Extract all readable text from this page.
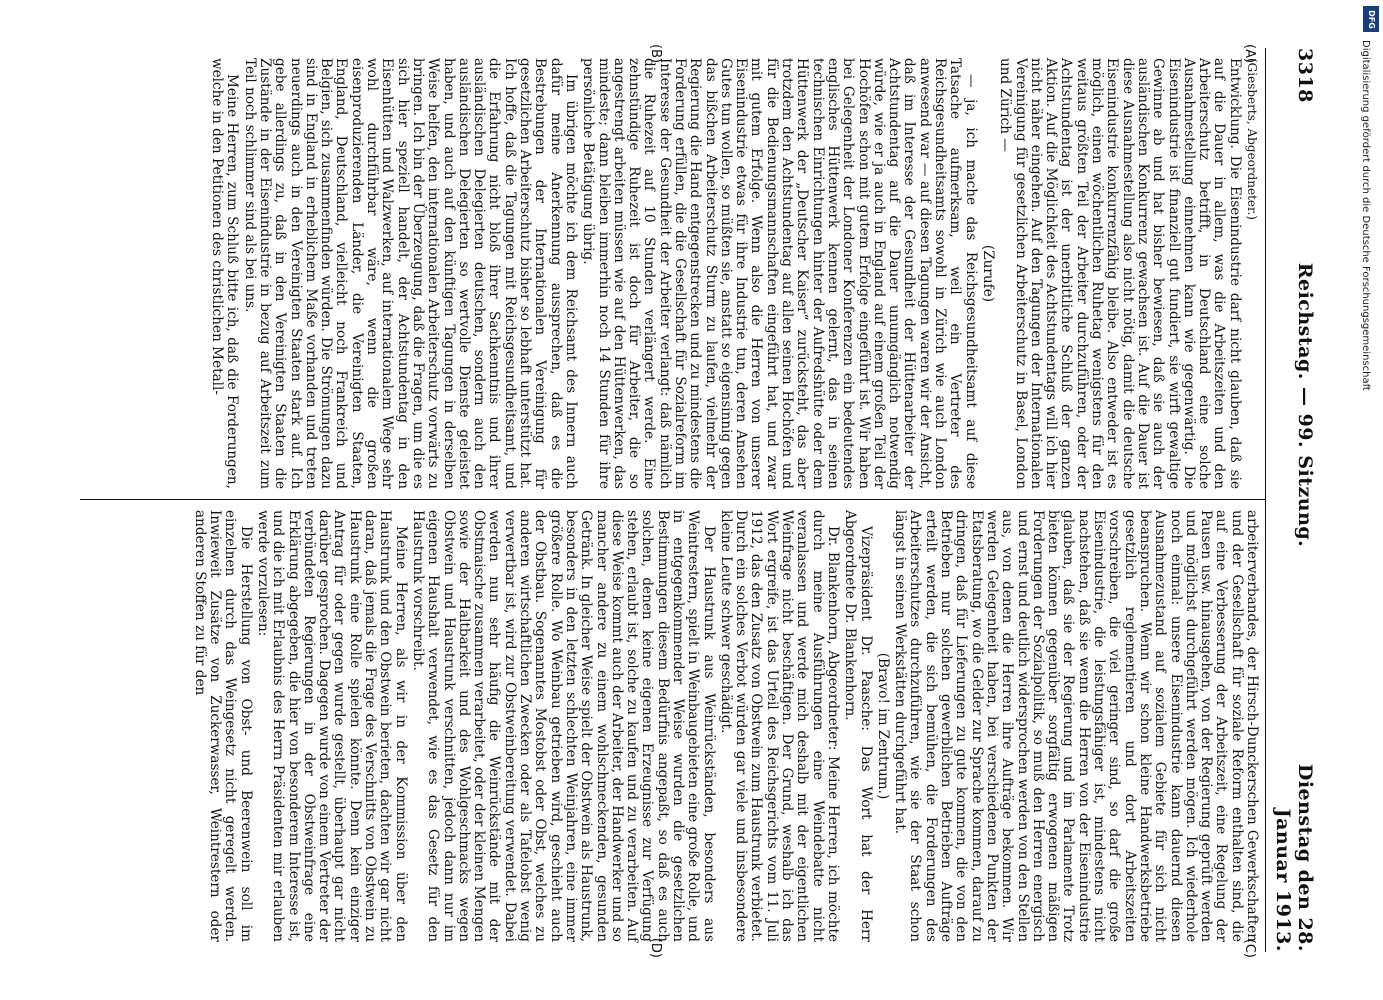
3318
Reichstag. — 99. Sitzung.
Dienstag den 28. Januar 1913.
(A)
(B)
(C)
(D)
(Giesberts, Abgeordneter.)

Entwicklung. Die Eisenindustrie darf nicht glauben, daß sie auf die Dauer in allem, was die Arbeitszeiten und den Arbeiterschutz betrifft, in Deutschland eine solche Ausnahmestellung einnehmen kann wie gegenwärtig. Die Eisenindustrie ist finanziell gut fundiert, sie wirft gewaltige Gewinne ab und hat bisher bewiesen, daß sie auch der ausländischen Konkurrenz gewachsen ist. Auf die Dauer ist diese Ausnahmestellung also nicht nötig, damit die deutsche Eisenindustrie konkurrenzfähig bleibe. Also entweder ist es möglich, einen wöchentlichen Ruhetag wenigstens für den weitaus größten Teil der Arbeiter durchzuführen, oder der Achtstundentag ist der unerbittliche Schluß der ganzen Aktion. Auf die Möglichkeit des Achtstundentags will ich hier nicht näher eingehen. Auf den Tagungen der Internationalen Vereinigung für gesetzlichen Arbeiterschutz in Basel, London und Zürich —

(Zurufe)

— ja, ich mache das Reichsgesundheitsamt auf diese Tatsache aufmerksam, weil ein Vertreter des Reichsgesundheitsamts sowohl in Zürich wie auch London anwesend war — auf diesen Tagungen waren wir der Ansicht, daß im Interesse der Gesundheit der Hüttenarbeiter der Achtstundentag auf die Dauer unumgänglich notwendig würde, wie er ja auch in England auf einem großen Teil der Hochöfen schon mit gutem Erfolge eingeführt ist. Wir haben bei Gelegenheit der Londoner Konferenzen ein bedeutendes englisches Hüttenwerk kennen gelernt, das in seinen technischen Einrichtungen hinter der Aufredshütte oder dem Hüttenwerk der „Deutscher Kaiser“ zurücksteht, das aber trotzdem den Achtstundentag auf allen seinen Hochöfen und für die Bedienungsmannschaften eingeführt hat, und zwar mit gutem Erfolge. Wenn also die Herren von unserer Eisenindustrie etwas für ihre Industrie tun, deren Ansehen Gutes tun wollen, so müßten sie, anstatt so eigensinnig gegen das bißchen Arbeiterschutz Sturm zu laufen, vielmehr der Regierung die Hand entgegenstrecken und zu mindestens die Forderung erfüllen, die die Gesellschaft für Sozialreform im Interesse der Gesundheit der Arbeiter verlangt: daß nämlich die Ruhezeit auf 10 Stunden verlängert werde. Eine zehnstündige Ruhezeit ist doch für Arbeiter, die so angestrengt arbeiten müssen wie auf den Hüttenwerken, das mindeste; dann bleiben immerhin noch 14 Stunden für ihre persönliche Betätigung übrig.

Im übrigen möchte ich dem Reichsamt des Innern auch dafür meine Anerkennung aussprechen, daß es die Bestrebungen der Internationalen Vereinigung für gesetzlichen Arbeiterschutz bisher so lebhaft unterstützt hat. Ich hoffe, daß die Tagungen mit Reichsgesundheitsamt, und die Erfahrung nicht bloß ihrer Sachkenntnis und ihrer ausländischen Delegierten deutschen, sondern auch den ausländischen Delegierten so wertvolle Dienste geleistet haben, und auch auf den künftigen Tagungen in derselben Weise helfen, den internationalen Arbeiterschutz vorwärts zu bringen. Ich bin der Überzeugung, daß die Fragen, um die es sich hier speziell handelt, der Achtstundentag in den Eisenhütten und Walzwerken, auf internationalem Wege sehr wohl durchführbar wäre, wenn die großen eisenproduzierenden Länder, die Vereinigten Staaten, England, Deutschland, vielleicht noch Frankreich und Belgien, sich zusammenfinden würden. Die Strömungen dazu sind in England in erheblichem Maße vorhanden und treten neuerdings auch in den Vereinigten Staaten stark auf. Ich gebe allerdings zu, daß in den Vereinigten Staaten die Zustände in der Eisenindustrie in bezug auf Arbeitszeit zum Teil noch schlimmer sind als bei uns.

Meine Herren, zum Schluß bitte ich, daß die Forderungen, welche in den Petitionen des christlichen Metall-

arbeiterverbandes, der Hirsch-Dunckerschen Gewerkschaften und der Gesellschaft für soziale Reform enthalten sind, die auf eine Verbesserung der Arbeitszeit, eine Regelung der Pausen usw. hinausgehen, von der Regierung geprüft werden und möglichst durchgeführt werden mögen. Ich wiederhole noch einmal: unsere Eisenindustrie kann dauernd diesen Ausnahmezustand auf sozialem Gebiete für sich nicht beanspruchen. Wenn wir schon kleine Handwerksbetriebe gesetzlich reglementieren und dort Arbeitszeiten vorschreiben, die viel geringer sind, so darf die große Eisenindustrie, die leistungsfähiger ist, mindestens nicht nachstehen, daß sie wenn die Herren von der Eisenindustrie glauben, daß sie der Regierung und im Parlamente Trotz bieten können gegenüber sorgfältig erwogenen mäßigen Forderungen der Sozialpolitik, so muß den Herren energisch und ernst und deutlich widersprochen werden von den Stellen aus, von denen die Herren ihre Aufträge bekommen. Wir werden Gelegenheit haben, bei verschiedenen Punkten der Etatsberatung, wo die Gelder zur Sprache kommen, darauf zu dringen, daß für Lieferungen zu gute kommen, die von den Betrieben nur solchen gewerblichen Betrieben Aufträge erteilt werden, die sich bemühen, die Forderungen des Arbeiterschutzes durchzuführen, wie sie der Staat schon längst in seinen Werkstätten durchgeführt hat.

(Bravo! im Zentrum.)

Vizepräsident Dr. Paasche: Das Wort hat der Herr Abgeordnete Dr. Blankenhorn.

Dr. Blankenhorn, Abgeordneter: Meine Herren, ich möchte durch meine Ausführungen eine Weindebatte nicht veranlassen und werde mich deshalb mit der eigentlichen Weinfrage nicht beschäftigen. Der Grund, weshalb ich das Wort ergreife, ist das Urteil des Reichsgerichts vom 11. Juli 1912, das den Zusatz von Obstwein zum Haustrunk verbietet. Durch ein solches Verbot würden gar viele und insbesondere kleine Leute schwer geschädigt.

Der Haustrunk aus Weinrückständen, besonders aus Weintrestern, spielt in Weinbaugebieten eine große Rolle, und in entgegenkommender Weise wurden die gesetzlichen Bestimmungen diesem Bedürfnis angepaßt, so daß es auch solchen, denen keine eigenen Erzeugnisse zur Verfügung stehen, erlaubt ist, solche zu kaufen und zu verarbeiten. Auf diese Weise kommt auch der Arbeiter, der Handwerker und so mancher andere zu einem wohlschmeckenden, gesunden Getränk. In gleicher Weise spielt der Obstwein als Haustrunk, besonders in den letzten schlechten Weinjahren, eine immer größere Rolle. Wo Weinbau getrieben wird, geschieht auch der Obstbau. Sogenanntes Mostobst oder Obst, welches zu anderen wirtschaftlichen Zwecken oder als Tafelobst wenig verwertbar ist, wird zur Obstweinbereitung verwendet. Dabei werden nun sehr häufig die Weinrückstände mit der Obstmaische zusammen verarbeitet, oder der kleinen Mengen sowie der Haltbarkeit und des Wohlgeschmacks wegen Obstwein und Haustrunk verschnitten, jedoch dann nur im eigenen Haushalt verwendet, wie es das Gesetz für den Haustrunk vorschreibt.

Meine Herren, als wir in der Kommission über den Haustrunk und den Obstwein berieten, dachten wir gar nicht daran, daß jemals die Frage des Verschnitts von Obstwein zu Haustrunk eine Rolle spielen könnte. Denn kein einziger Antrag für oder gegen wurde gestellt, überhaupt gar nicht darüber gesprochen. Dagegen wurde von einem Vertreter der verbündeten Regierungen in der Obstweinfrage eine Erklärung abgegeben, die hier von besonderem Interesse ist, und die ich mit Erlaubnis des Herrn Präsidenten mir erlauben werde vorzulesen:

Die Herstellung von Obst- und Beerenwein soll im einzelnen durch das Weingesetz nicht geregelt werden. Inwieweit Zusätze von Zuckerwasser, Weintrestern oder anderen Stoffen zu für den

DFG
Digitalisierung gefördert durch die Deutsche Forschungsgemeinschaft
